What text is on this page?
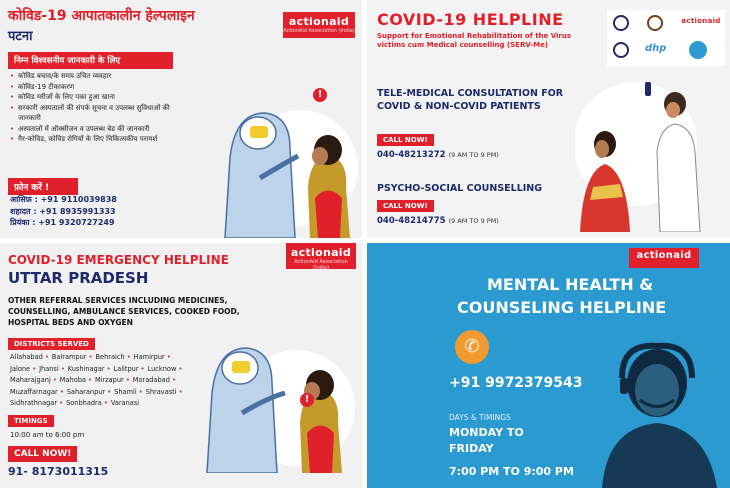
कोविड-19 आपातकालीन हेल्पलाइन
पटना
actionaid
ActionAid Association (India)
निम्न विश्वसनीय जानकारी के लिए
• कोविड बचाव/के समय उचित व्यवहार
• कोविड-19 टीकाकरण
• कोविड मरीजों के लिए पका हुआ खाना
• सरकारी अस्पतालों की संपर्क सूचना व उपलब्ध सुविधाओं की जानकारी
• अस्पतालों में ऑक्सीजन व उपलब्ध बेड की जानकारी
• गैर-कोविड, कोविड रोगियों के लिए चिकित्सकीय परामर्श
फ़ोन करें !
आसिफ़ : +91 9110039838
शहादत : +91 8935991333
प्रियंका : +91 9320727249
!
COVID-19 HELPLINE
Support for Emotional Rehabilitation of the Virus victims cum Medical counselling (SERV-Me)
actionaid
dhp
TELE-MEDICAL CONSULTATION FOR COVID & NON-COVID PATIENTS
CALL NOW!
040-48213272 (9 AM TO 9 PM)
PSYCHO-SOCIAL COUNSELLING
CALL NOW!
040-48214775 (9 AM TO 9 PM)
COVID-19 EMERGENCY HELPLINE
UTTAR PRADESH
actionaid
ActionAid Association (India)
OTHER REFERRAL SERVICES INCLUDING MEDICINES, COUNSELLING, AMBULANCE SERVICES, COOKED FOOD, HOSPITAL BEDS AND OXYGEN
DISTRICTS SERVED
Allahabad •	Balrampur •	Behraich •	Hamirpur •
Jalone •	Jhansi •	Kushinagar •	Lalitpur •	Lucknow •
Maharajganj •	Mahoba •	Mirzapur •	Moradabad •
Muzaffarnagar •	Saharanpur •	Shamli •	Shravasti •
Sidhrathnagar •	Sonbhadra •	Varanasi
TIMINGS
10:00 am to 6:00 pm
CALL NOW!
91- 8173011315
!
actionaid
MENTAL HEALTH &
COUNSELING HELPLINE
✆
+91 9972379543
DAYS & TIMINGS
MONDAY TO
FRIDAY
7:00 PM TO 9:00 PM
